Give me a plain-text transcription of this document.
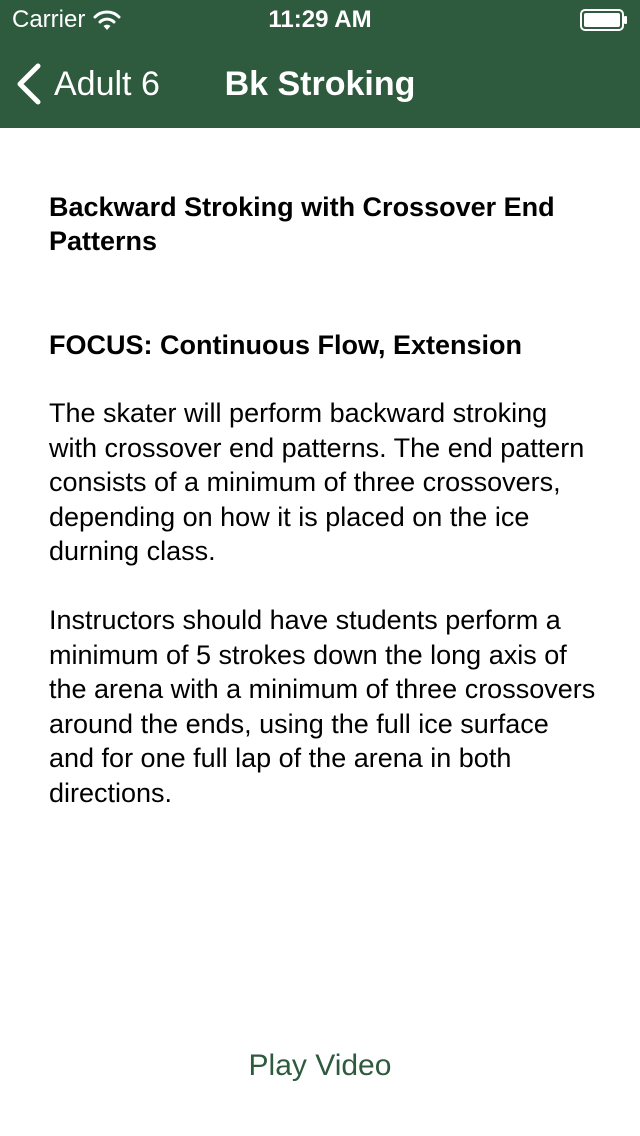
Carrier	11:29 AM
Adult 6	Bk Stroking

Backward Stroking with Crossover End Patterns

FOCUS: Continuous Flow, Extension

The skater will perform backward stroking with crossover end patterns. The end pattern consists of a minimum of three crossovers, depending on how it is placed on the ice durning class.

Instructors should have students perform a minimum of 5 strokes down the long axis of the arena with a minimum of three crossovers around the ends, using the full ice surface and for one full lap of the arena in both directions.

Play Video
